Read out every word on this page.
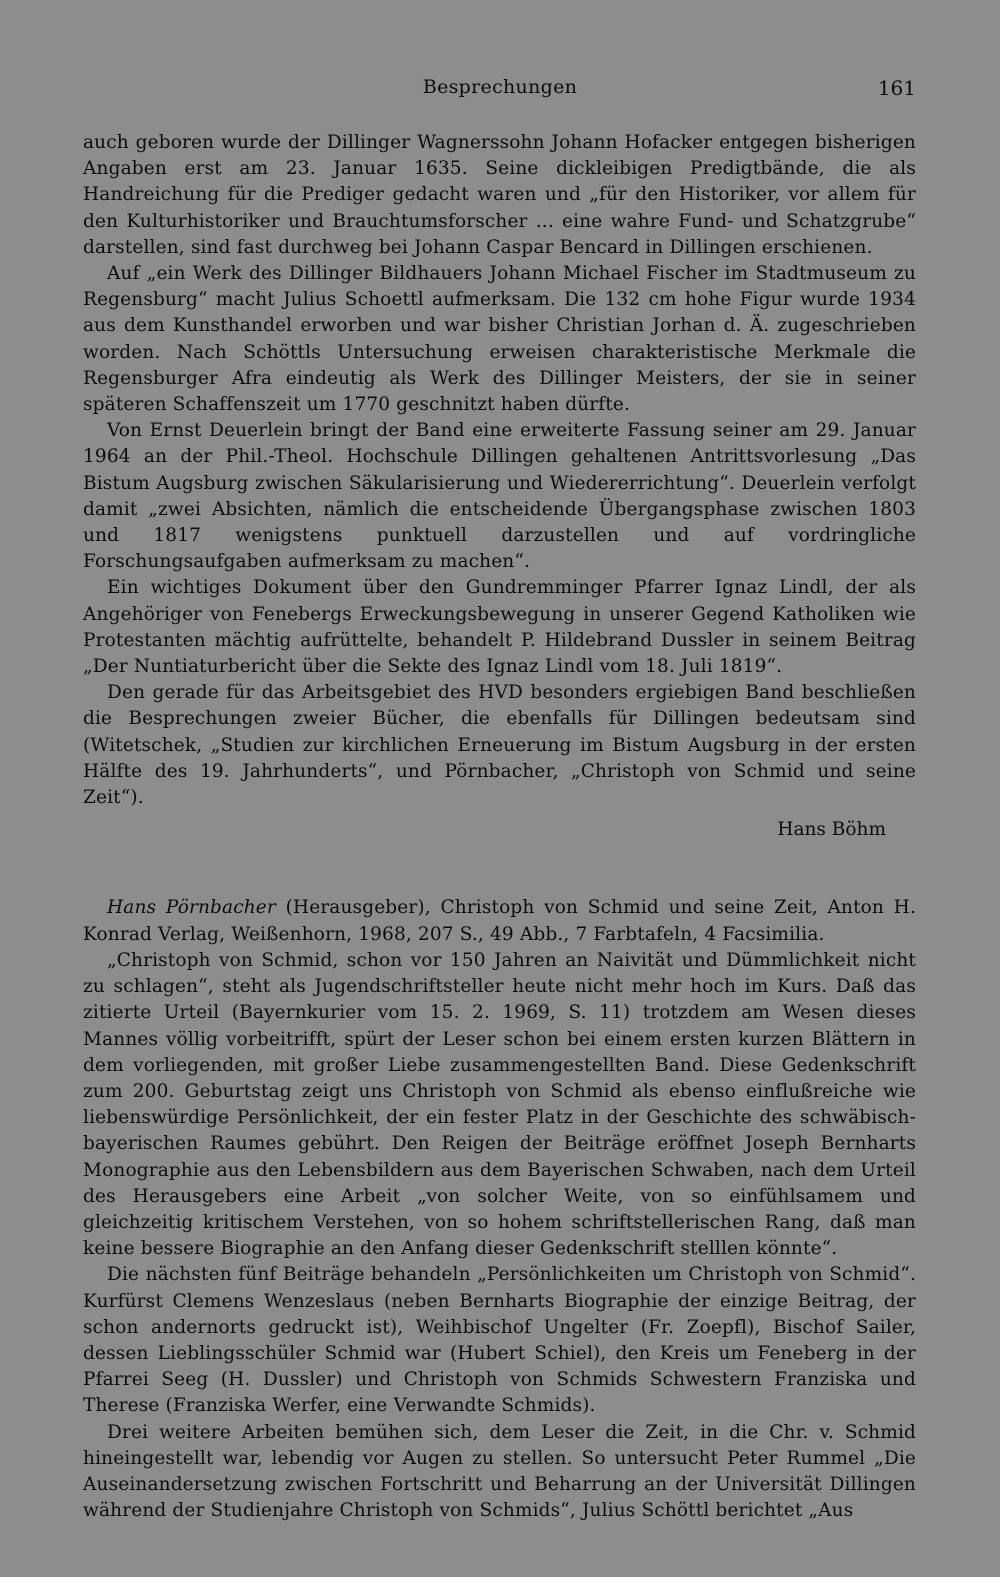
Besprechungen	161

auch geboren wurde der Dillinger Wagnerssohn Johann Hofacker entgegen bisherigen Angaben erst am 23. Januar 1635. Seine dickleibigen Predigtbände, die als Handreichung für die Prediger gedacht waren und „für den Historiker, vor allem für den Kulturhistoriker und Brauchtumsforscher ... eine wahre Fund- und Schatzgrube“ darstellen, sind fast durchweg bei Johann Caspar Bencard in Dillingen erschienen.

Auf „ein Werk des Dillinger Bildhauers Johann Michael Fischer im Stadtmuseum zu Regensburg“ macht Julius Schoettl aufmerksam. Die 132 cm hohe Figur wurde 1934 aus dem Kunsthandel erworben und war bisher Christian Jorhan d. Ä. zugeschrieben worden. Nach Schöttls Untersuchung erweisen charakteristische Merkmale die Regensburger Afra eindeutig als Werk des Dillinger Meisters, der sie in seiner späteren Schaffenszeit um 1770 geschnitzt haben dürfte.

Von Ernst Deuerlein bringt der Band eine erweiterte Fassung seiner am 29. Januar 1964 an der Phil.-Theol. Hochschule Dillingen gehaltenen Antrittsvorlesung „Das Bistum Augsburg zwischen Säkularisierung und Wiedererrichtung“. Deuerlein verfolgt damit „zwei Absichten, nämlich die entscheidende Übergangsphase zwischen 1803 und 1817 wenigstens punktuell darzustellen und auf vordringliche Forschungsaufgaben aufmerksam zu machen“.

Ein wichtiges Dokument über den Gundremminger Pfarrer Ignaz Lindl, der als Angehöriger von Fenebergs Erweckungsbewegung in unserer Gegend Katholiken wie Protestanten mächtig aufrüttelte, behandelt P. Hildebrand Dussler in seinem Beitrag „Der Nuntiaturbericht über die Sekte des Ignaz Lindl vom 18. Juli 1819“.

Den gerade für das Arbeitsgebiet des HVD besonders ergiebigen Band beschließen die Besprechungen zweier Bücher, die ebenfalls für Dillingen bedeutsam sind (Witetschek, „Studien zur kirchlichen Erneuerung im Bistum Augsburg in der ersten Hälfte des 19. Jahrhunderts“, und Pörnbacher, „Christoph von Schmid und seine Zeit“).

Hans Böhm

Hans Pörnbacher (Herausgeber), Christoph von Schmid und seine Zeit, Anton H. Konrad Verlag, Weißenhorn, 1968, 207 S., 49 Abb., 7 Farbtafeln, 4 Facsimilia.

„Christoph von Schmid, schon vor 150 Jahren an Naivität und Dümmlichkeit nicht zu schlagen“, steht als Jugendschriftsteller heute nicht mehr hoch im Kurs. Daß das zitierte Urteil (Bayernkurier vom 15. 2. 1969, S. 11) trotzdem am Wesen dieses Mannes völlig vorbeitrifft, spürt der Leser schon bei einem ersten kurzen Blättern in dem vorliegenden, mit großer Liebe zusammengestellten Band. Diese Gedenkschrift zum 200. Geburtstag zeigt uns Christoph von Schmid als ebenso einflußreiche wie liebenswürdige Persönlichkeit, der ein fester Platz in der Geschichte des schwäbisch-bayerischen Raumes gebührt. Den Reigen der Beiträge eröffnet Joseph Bernharts Monographie aus den Lebensbildern aus dem Bayerischen Schwaben, nach dem Urteil des Herausgebers eine Arbeit „von solcher Weite, von so einfühlsamem und gleichzeitig kritischem Verstehen, von so hohem schriftstellerischen Rang, daß man keine bessere Biographie an den Anfang dieser Gedenkschrift stelllen könnte“.

Die nächsten fünf Beiträge behandeln „Persönlichkeiten um Christoph von Schmid“. Kurfürst Clemens Wenzeslaus (neben Bernharts Biographie der einzige Beitrag, der schon andernorts gedruckt ist), Weihbischof Ungelter (Fr. Zoepfl), Bischof Sailer, dessen Lieblingsschüler Schmid war (Hubert Schiel), den Kreis um Feneberg in der Pfarrei Seeg (H. Dussler) und Christoph von Schmids Schwestern Franziska und Therese (Franziska Werfer, eine Verwandte Schmids).

Drei weitere Arbeiten bemühen sich, dem Leser die Zeit, in die Chr. v. Schmid hineingestellt war, lebendig vor Augen zu stellen. So untersucht Peter Rummel „Die Auseinandersetzung zwischen Fortschritt und Beharrung an der Universität Dillingen während der Studienjahre Christoph von Schmids“, Julius Schöttl berichtet „Aus
